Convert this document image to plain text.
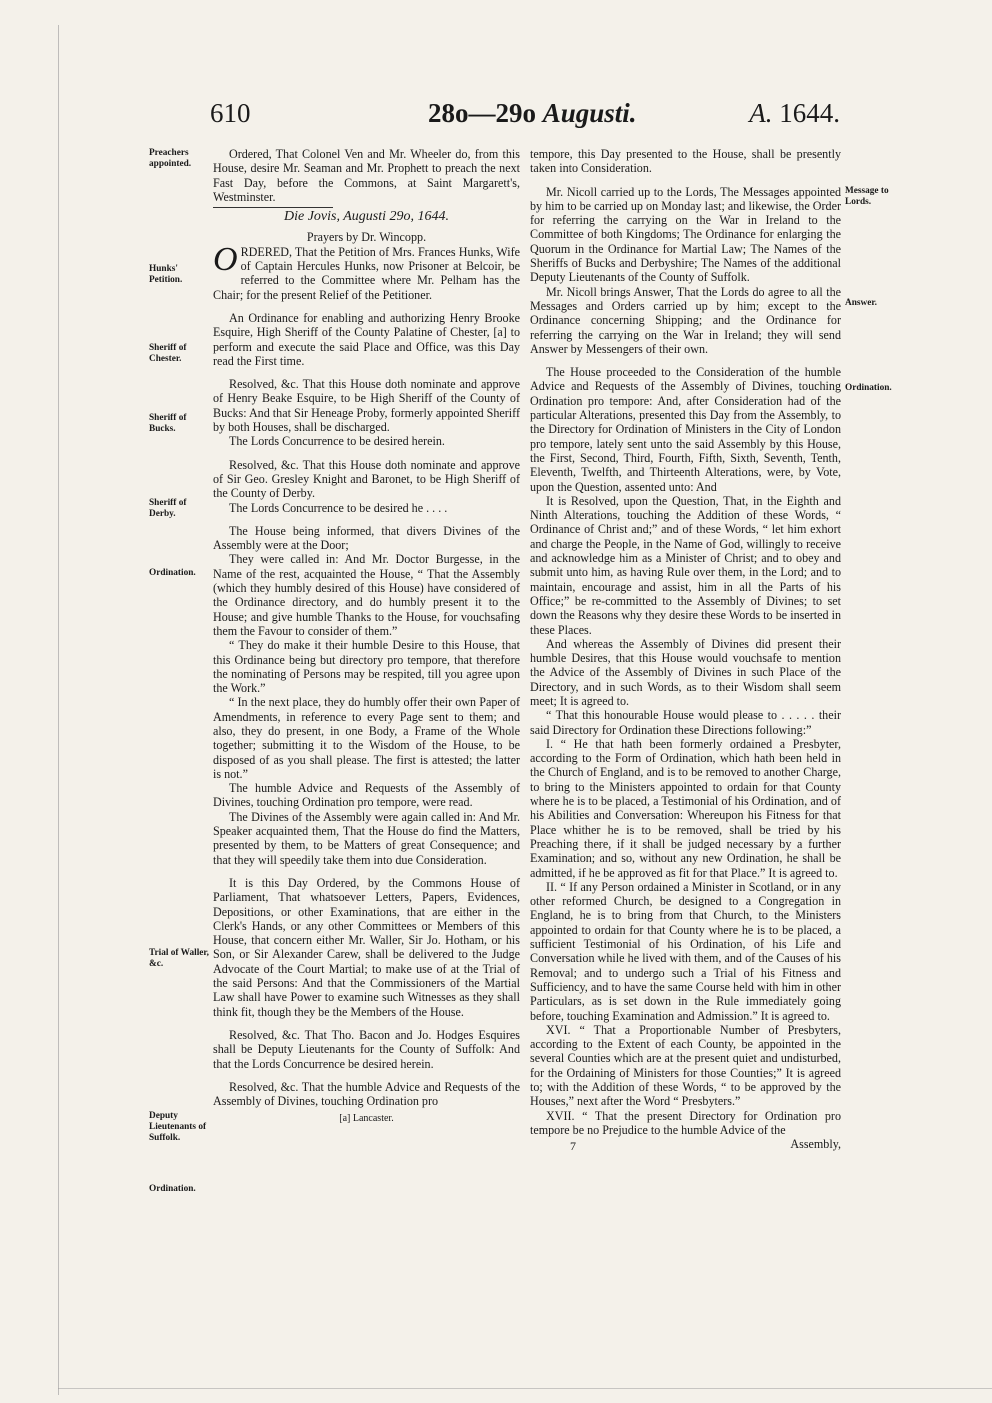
610	28o—29o Augusti.	A. 1644.
Preachers appointed.
Hunks' Petition.
Sheriff of Chester.
Sheriff of Bucks.
Sheriff of Derby.
Ordination.
Trial of Waller, &c.
Deputy Lieutenants of Suffolk.
Ordination.
Message to Lords.
Answer.
Ordination.

Ordered, That Colonel Ven and Mr. Wheeler do, from this House, desire Mr. Seaman and Mr. Prophett to preach the next Fast Day, before the Commons, at Saint Margarett's, Westminster.

Die Jovis, Augusti 29o, 1644.

Prayers by Dr. Wincopp.

ORDERED, That the Petition of Mrs. Frances Hunks, Wife of Captain Hercules Hunks, now Prisoner at Belcoir, be referred to the Committee where Mr. Pelham has the Chair; for the present Relief of the Petitioner.

An Ordinance for enabling and authorizing Henry Brooke Esquire, High Sheriff of the County Palatine of Chester, [a] to perform and execute the said Place and Office, was this Day read the First time.

Resolved, &c. That this House doth nominate and approve of Henry Beake Esquire, to be High Sheriff of the County of Bucks: And that Sir Heneage Proby, formerly appointed Sheriff by both Houses, shall be discharged.

The Lords Concurrence to be desired herein.

Resolved, &c. That this House doth nominate and approve of Sir Geo. Gresley Knight and Baronet, to be High Sheriff of the County of Derby.

The Lords Concurrence to be desired he . . . .

The House being informed, that divers Divines of the Assembly were at the Door;

They were called in: And Mr. Doctor Burgesse, in the Name of the rest, acquainted the House, “ That the Assembly (which they humbly desired of this House) have considered of the Ordinance directory, and do humbly present it to the House; and give humble Thanks to the House, for vouchsafing them the Favour to consider of them.”

“ They do make it their humble Desire to this House, that this Ordinance being but directory pro tempore, that therefore the nominating of Persons may be respited, till you agree upon the Work.”

“ In the next place, they do humbly offer their own Paper of Amendments, in reference to every Page sent to them; and also, they do present, in one Body, a Frame of the Whole together; submitting it to the Wisdom of the House, to be disposed of as you shall please. The first is attested; the latter is not.”

The humble Advice and Requests of the Assembly of Divines, touching Ordination pro tempore, were read.

The Divines of the Assembly were again called in: And Mr. Speaker acquainted them, That the House do find the Matters, presented by them, to be Matters of great Consequence; and that they will speedily take them into due Consideration.

It is this Day Ordered, by the Commons House of Parliament, That whatsoever Letters, Papers, Evidences, Depositions, or other Examinations, that are either in the Clerk's Hands, or any other Committees or Members of this House, that concern either Mr. Waller, Sir Jo. Hotham, or his Son, or Sir Alexander Carew, shall be delivered to the Judge Advocate of the Court Martial; to make use of at the Trial of the said Persons: And that the Commissioners of the Martial Law shall have Power to examine such Witnesses as they shall think fit, though they be the Members of the House.

Resolved, &c. That Tho. Bacon and Jo. Hodges Esquires shall be Deputy Lieutenants for the County of Suffolk: And that the Lords Concurrence be desired herein.

Resolved, &c. That the humble Advice and Requests of the Assembly of Divines, touching Ordination pro

[a] Lancaster.

tempore, this Day presented to the House, shall be presently taken into Consideration.

Mr. Nicoll carried up to the Lords, The Messages appointed by him to be carried up on Monday last; and likewise, the Order for referring the carrying on the War in Ireland to the Committee of both Kingdoms; The Ordinance for enlarging the Quorum in the Ordinance for Martial Law; The Names of the Sheriffs of Bucks and Derbyshire; The Names of the additional Deputy Lieutenants of the County of Suffolk.

Mr. Nicoll brings Answer, That the Lords do agree to all the Messages and Orders carried up by him; except to the Ordinance concerning Shipping; and the Ordinance for referring the carrying on the War in Ireland; they will send Answer by Messengers of their own.

The House proceeded to the Consideration of the humble Advice and Requests of the Assembly of Divines, touching Ordination pro tempore: And, after Consideration had of the particular Alterations, presented this Day from the Assembly, to the Directory for Ordination of Ministers in the City of London pro tempore, lately sent unto the said Assembly by this House, the First, Second, Third, Fourth, Fifth, Sixth, Seventh, Tenth, Eleventh, Twelfth, and Thirteenth Alterations, were, by Vote, upon the Question, assented unto: And

It is Resolved, upon the Question, That, in the Eighth and Ninth Alterations, touching the Addition of these Words, “ Ordinance of Christ and;” and of these Words, “ let him exhort and charge the People, in the Name of God, willingly to receive and acknowledge him as a Minister of Christ; and to obey and submit unto him, as having Rule over them, in the Lord; and to maintain, encourage and assist, him in all the Parts of his Office;” be re-committed to the Assembly of Divines; to set down the Reasons why they desire these Words to be inserted in these Places.

And whereas the Assembly of Divines did present their humble Desires, that this House would vouchsafe to mention the Advice of the Assembly of Divines in such Place of the Directory, and in such Words, as to their Wisdom shall seem meet; It is agreed to.

“ That this honourable House would please to . . . . . their said Directory for Ordination these Directions following:”

I. “ He that hath been formerly ordained a Presbyter, according to the Form of Ordination, which hath been held in the Church of England, and is to be removed to another Charge, to bring to the Ministers appointed to ordain for that County where he is to be placed, a Testimonial of his Ordination, and of his Abilities and Conversation: Whereupon his Fitness for that Place whither he is to be removed, shall be tried by his Preaching there, if it shall be judged necessary by a further Examination; and so, without any new Ordination, he shall be admitted, if he be approved as fit for that Place.” It is agreed to.

II. “ If any Person ordained a Minister in Scotland, or in any other reformed Church, be designed to a Congregation in England, he is to bring from that Church, to the Ministers appointed to ordain for that County where he is to be placed, a sufficient Testimonial of his Ordination, of his Life and Conversation while he lived with them, and of the Causes of his Removal; and to undergo such a Trial of his Fitness and Sufficiency, and to have the same Course held with him in other Particulars, as is set down in the Rule immediately going before, touching Examination and Admission.” It is agreed to.

XVI. “ That a Proportionable Number of Presbyters, according to the Extent of each County, be appointed in the several Counties which are at the present quiet and undisturbed, for the Ordaining of Ministers for those Counties;” It is agreed to; with the Addition of these Words, “ to be approved by the Houses,” next after the Word “ Presbyters.”

XVII. “ That the present Directory for Ordination pro tempore be no Prejudice to the humble Advice of the

7	Assembly,
